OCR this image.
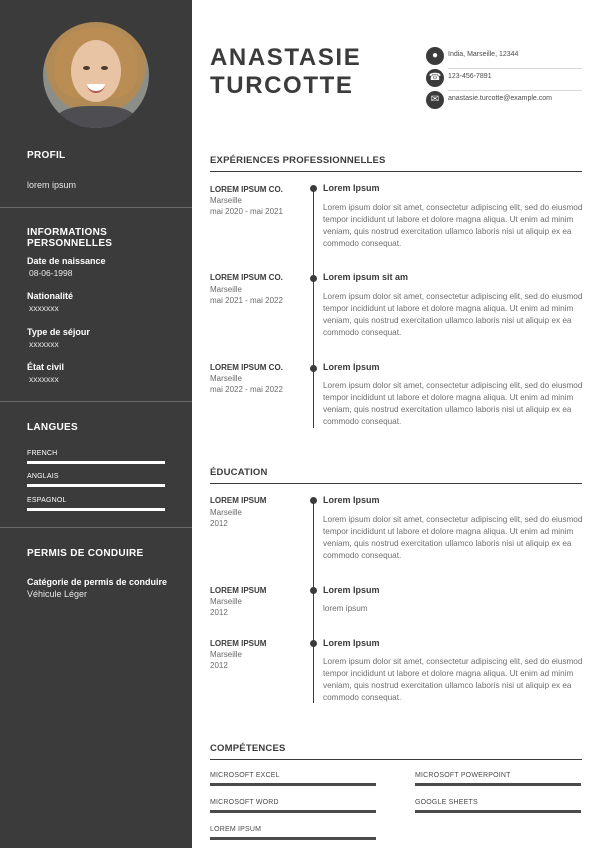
PROFIL
lorem ipsum
INFORMATIONS PERSONNELLES
Date de naissance
08-06-1998
Nationalité
xxxxxxx
Type de séjour
xxxxxxx
État civil
xxxxxxx
LANGUES
FRENCH
ANGLAIS
ESPAGNOL
PERMIS DE CONDUIRE
Catégorie de permis de conduire
Véhicule Léger
ANASTASIE
TURCOTTE
●	India, Marseille, 12344
☎ 123-456-7891
✉	anastasie.turcotte@example.com
EXPÉRIENCES PROFESSIONNELLES
LOREM IPSUM CO.
Marseille
mai 2020 - mai 2021
Lorem Ipsum
Lorem ipsum dolor sit amet, consectetur adipiscing elit, sed do eiusmod tempor incididunt ut labore et dolore magna aliqua. Ut enim ad minim veniam, quis nostrud exercitation ullamco laboris nisi ut aliquip ex ea commodo consequat.
LOREM IPSUM CO.
Marseille
mai 2021 - mai 2022
Lorem ipsum sit am
Lorem ipsum dolor sit amet, consectetur adipiscing elit, sed do eiusmod tempor incididunt ut labore et dolore magna aliqua. Ut enim ad minim veniam, quis nostrud exercitation ullamco laboris nisi ut aliquip ex ea commodo consequat.
LOREM IPSUM CO.
Marseille
mai 2022 - mai 2022
Lorem Ipsum
Lorem ipsum dolor sit amet, consectetur adipiscing elit, sed do eiusmod tempor incididunt ut labore et dolore magna aliqua. Ut enim ad minim veniam, quis nostrud exercitation ullamco laboris nisi ut aliquip ex ea commodo consequat.
ÉDUCATION
LOREM IPSUM
Marseille
2012
Lorem Ipsum
Lorem ipsum dolor sit amet, consectetur adipiscing elit, sed do eiusmod tempor incididunt ut labore et dolore magna aliqua. Ut enim ad minim veniam, quis nostrud exercitation ullamco laboris nisi ut aliquip ex ea commodo consequat.
LOREM IPSUM
Marseille
2012
Lorem Ipsum
lorem ipsum
LOREM IPSUM
Marseille
2012
Lorem Ipsum
Lorem ipsum dolor sit amet, consectetur adipiscing elit, sed do eiusmod tempor incididunt ut labore et dolore magna aliqua. Ut enim ad minim veniam, quis nostrud exercitation ullamco laboris nisi ut aliquip ex ea commodo consequat.
COMPÉTENCES
MICROSOFT EXCEL	MICROSOFT POWERPOINT
MICROSOFT WORD	GOOGLE SHEETS
LOREM IPSUM
